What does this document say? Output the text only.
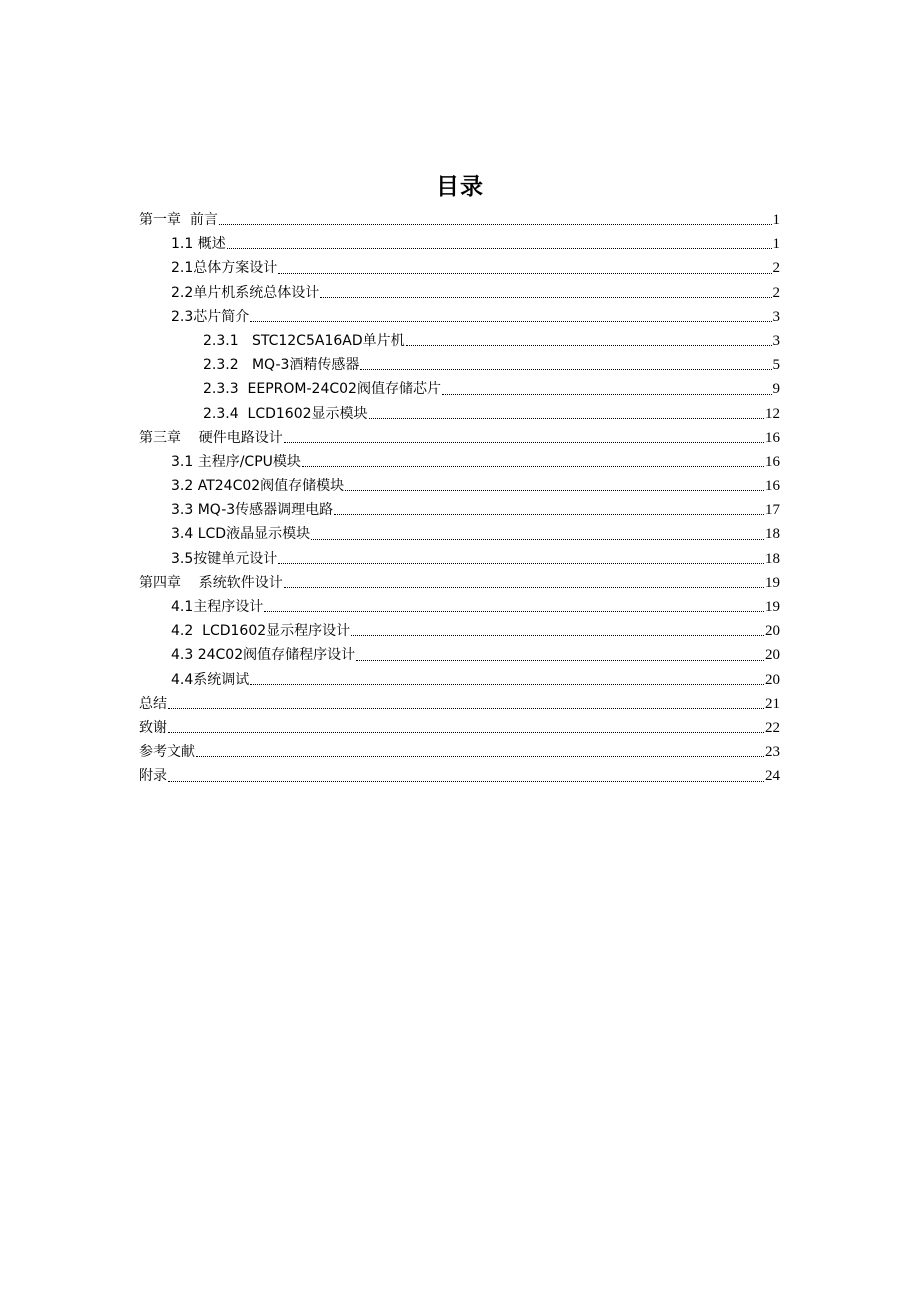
目录
第一章  前言	1
1.1 概述	1
2.1总体方案设计	2
2.2单片机系统总体设计	2
2.3芯片简介	3
2.3.1   STC12C5A16AD单片机	3
2.3.2   MQ-3酒精传感器	5
2.3.3  EEPROM-24C02阀值存储芯片	9
2.3.4  LCD1602显示模块	12
第三章    硬件电路设计	16
3.1 主程序/CPU模块	16
3.2 AT24C02阀值存储模块	16
3.3 MQ-3传感器调理电路	17
3.4 LCD液晶显示模块	18
3.5按键单元设计	18
第四章    系统软件设计	19
4.1主程序设计	19
4.2  LCD1602显示程序设计	20
4.3 24C02阀值存储程序设计	20
4.4系统调试	20
总结	21
致谢	22
参考文献	23
附录	24
